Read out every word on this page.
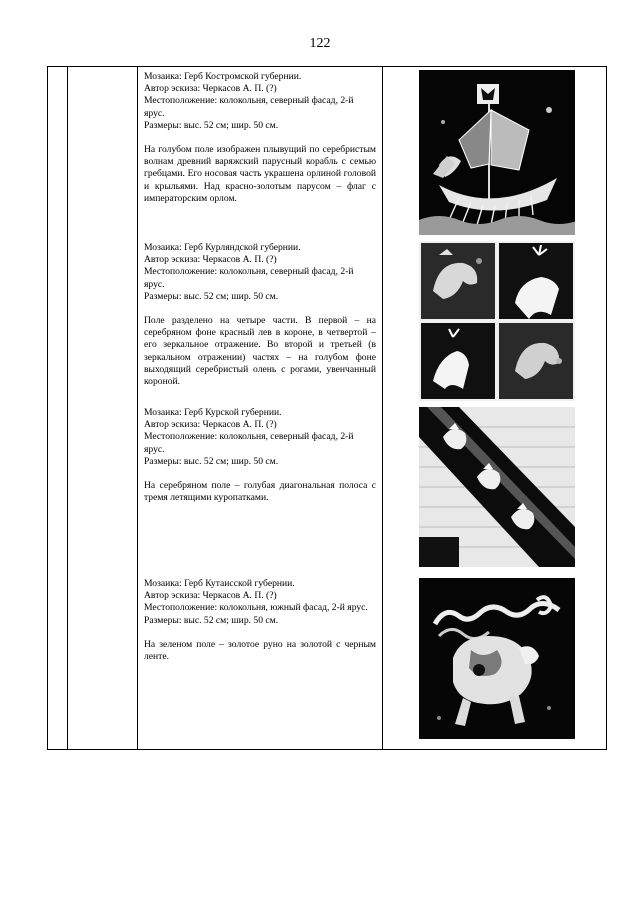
122
Мозаика: Герб Костромской губернии.
Автор эскиза: Черкасов А. П. (?)
Местоположение: колокольня, северный фасад, 2-й ярус.
Размеры: выс. 52 см; шир. 50 см.
На голубом поле изображен плывущий по серебристым волнам древний варяжский парусный корабль с семью гребцами. Его носовая часть украшена орлиной головой и крыльями. Над красно-золотым парусом – флаг с императорским орлом.
Мозаика: Герб Курляндской губернии.
Автор эскиза: Черкасов А. П. (?)
Местоположение: колокольня, северный фасад, 2-й ярус.
Размеры: выс. 52 см; шир. 50 см.
Поле разделено на четыре части. В первой – на серебряном фоне красный лев в короне, в четвертой – его зеркальное отражение. Во второй и третьей (в зеркальном отражении) частях – на голубом фоне выходящий серебристый олень с рогами, увенчанный короной.
Мозаика: Герб Курской губернии.
Автор эскиза: Черкасов А. П. (?)
Местоположение: колокольня, северный фасад, 2-й ярус.
Размеры: выс. 52 см; шир. 50 см.
На серебряном поле – голубая диагональная полоса с тремя летящими куропатками.
Мозаика: Герб Кутаисской губернии.
Автор эскиза: Черкасов А. П. (?)
Местоположение: колокольня, южный фасад, 2-й ярус.
Размеры: выс. 52 см; шир. 50 см.
На зеленом поле – золотое руно на золотой с черным ленте.
